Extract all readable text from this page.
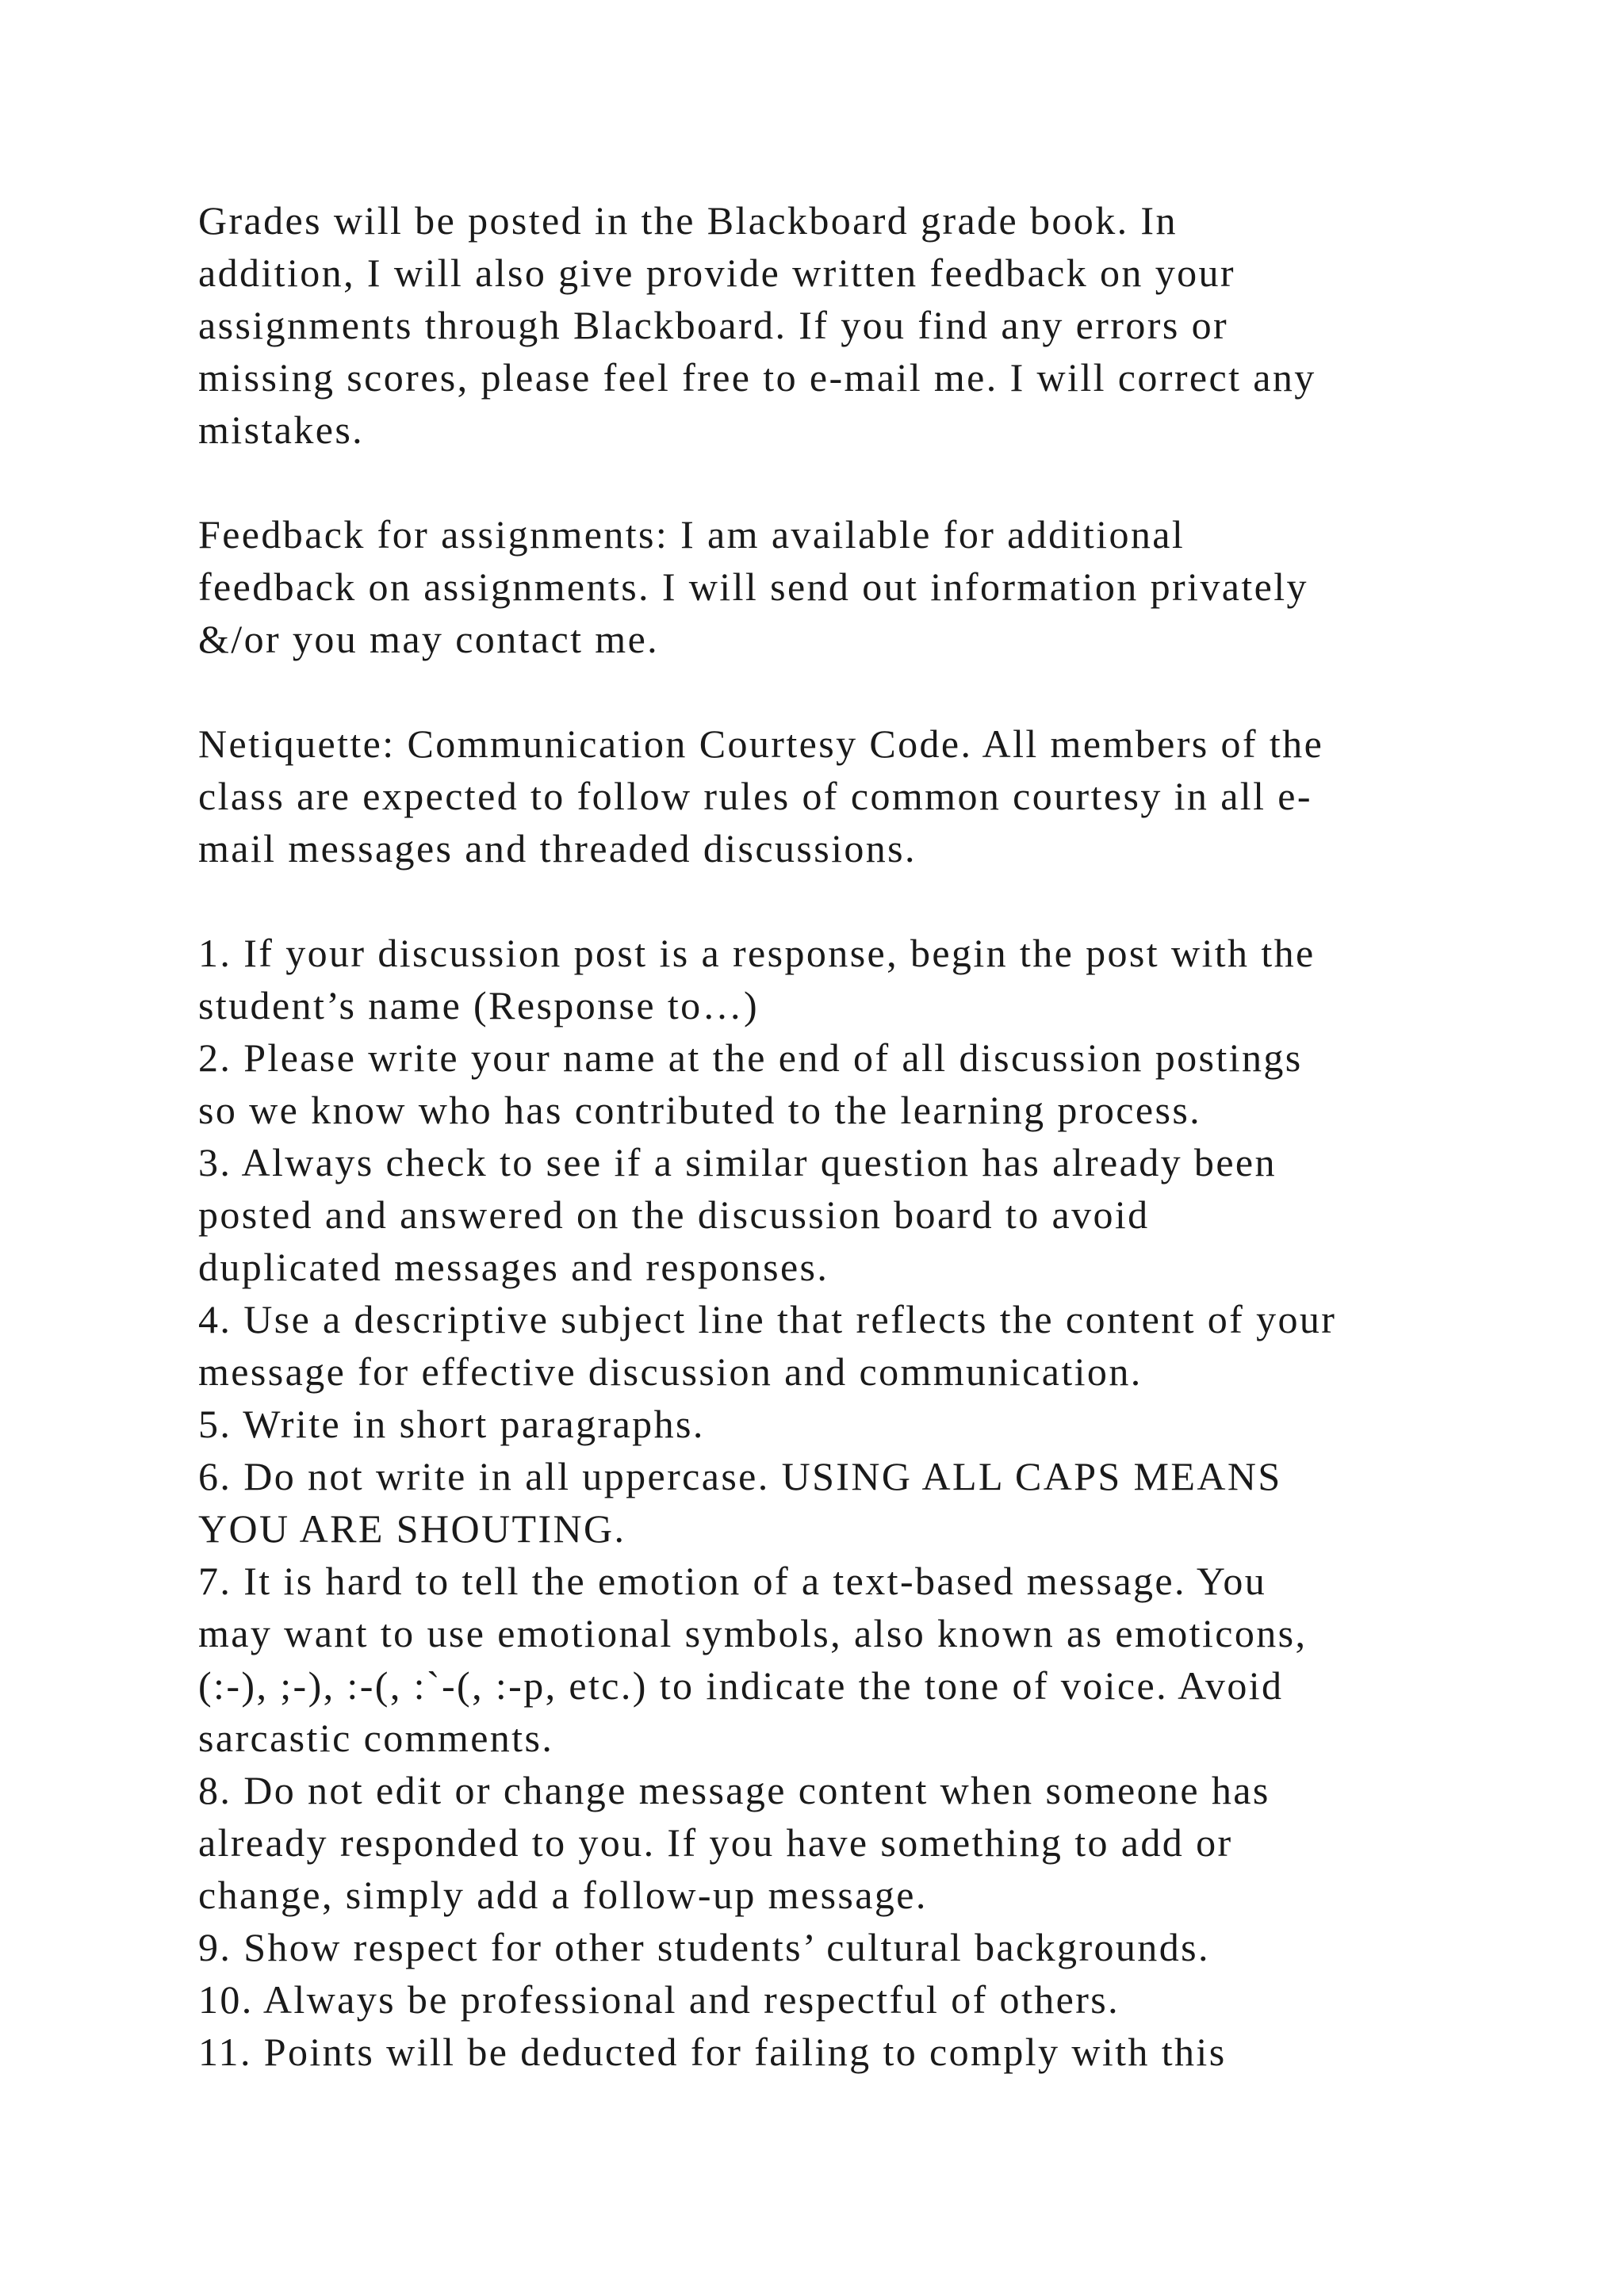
Grades will be posted in the Blackboard grade book. In
addition, I will also give provide written feedback on your
assignments through Blackboard. If you find any errors or
missing scores, please feel free to e-mail me. I will correct any
mistakes.

Feedback for assignments: I am available for additional
feedback on assignments. I will send out information privately
&/or you may contact me.

Netiquette: Communication Courtesy Code. All members of the
class are expected to follow rules of common courtesy in all e-
mail messages and threaded discussions.

1. If your discussion post is a response, begin the post with the
student’s name (Response to…)
2. Please write your name at the end of all discussion postings
so we know who has contributed to the learning process.
3. Always check to see if a similar question has already been
posted and answered on the discussion board to avoid
duplicated messages and responses.
4. Use a descriptive subject line that reflects the content of your
message for effective discussion and communication.
5. Write in short paragraphs.
6. Do not write in all uppercase. USING ALL CAPS MEANS
YOU ARE SHOUTING.
7. It is hard to tell the emotion of a text-based message. You
may want to use emotional symbols, also known as emoticons,
(:-), ;-), :-(, :`-(, :-p, etc.) to indicate the tone of voice. Avoid
sarcastic comments.
8. Do not edit or change message content when someone has
already responded to you. If you have something to add or
change, simply add a follow-up message.
9. Show respect for other students’ cultural backgrounds.
10. Always be professional and respectful of others.
11. Points will be deducted for failing to comply with this
